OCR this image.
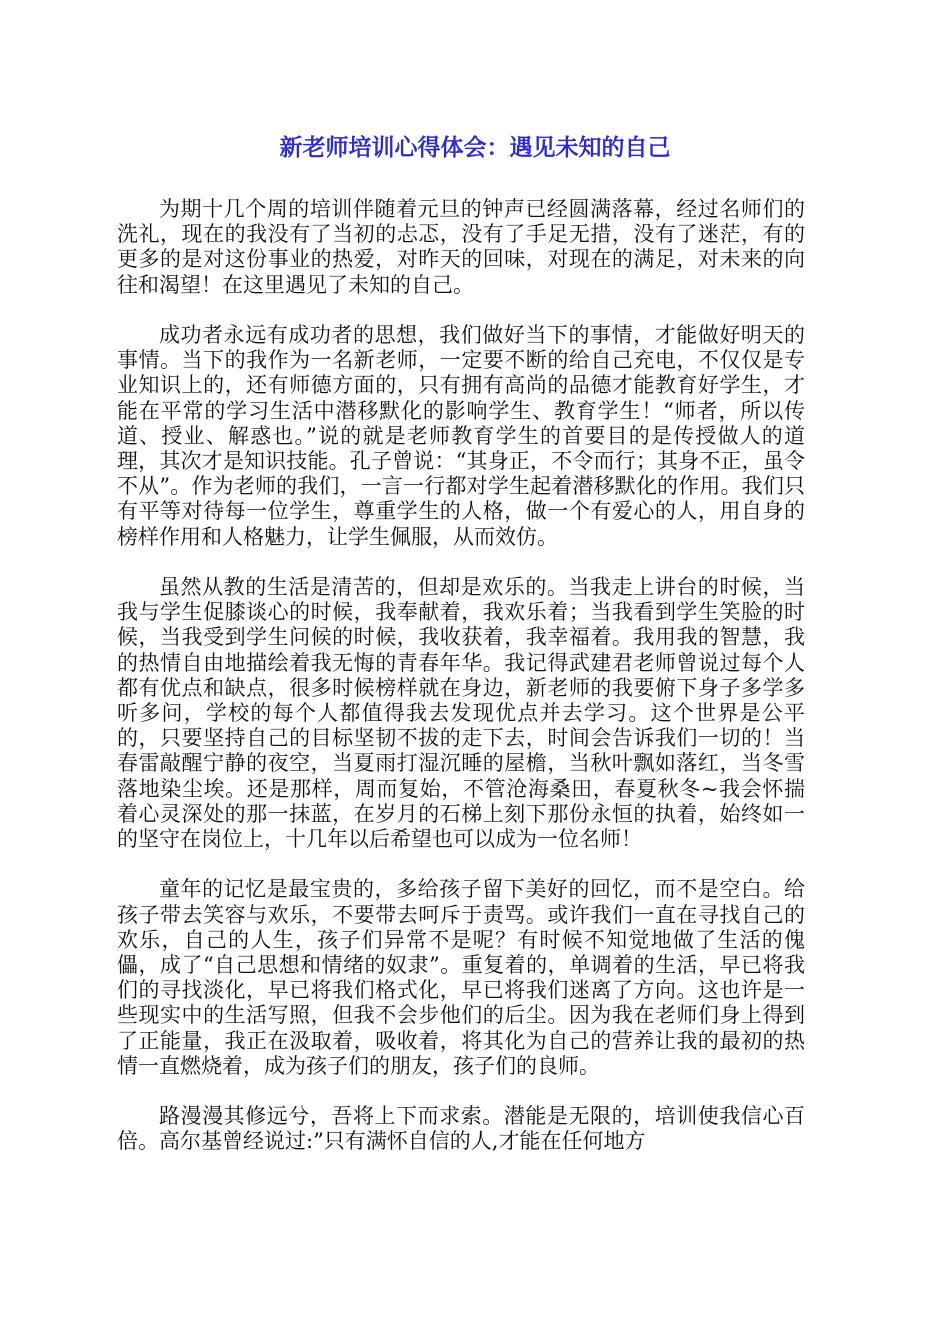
新老师培训心得体会：遇见未知的自己

为期十几个周的培训伴随着元旦的钟声已经圆满落幕，经过名师们的洗礼，现在的我没有了当初的忐忑，没有了手足无措，没有了迷茫，有的更多的是对这份事业的热爱，对昨天的回味，对现在的满足，对未来的向往和渴望！在这里遇见了未知的自己。

成功者永远有成功者的思想，我们做好当下的事情，才能做好明天的事情。当下的我作为一名新老师，一定要不断的给自己充电，不仅仅是专业知识上的，还有师德方面的，只有拥有高尚的品德才能教育好学生，才能在平常的学习生活中潜移默化的影响学生、教育学生！“师者，所以传道、授业、解惑也。”说的就是老师教育学生的首要目的是传授做人的道理，其次才是知识技能。孔子曾说：“其身正，不令而行；其身不正，虽令不从”。作为老师的我们，一言一行都对学生起着潜移默化的作用。我们只有平等对待每一位学生，尊重学生的人格，做一个有爱心的人，用自身的榜样作用和人格魅力，让学生佩服，从而效仿。

虽然从教的生活是清苦的，但却是欢乐的。当我走上讲台的时候，当我与学生促膝谈心的时候，我奉献着，我欢乐着；当我看到学生笑脸的时候，当我受到学生问候的时候，我收获着，我幸福着。我用我的智慧，我的热情自由地描绘着我无悔的青春年华。我记得武建君老师曾说过每个人都有优点和缺点，很多时候榜样就在身边，新老师的我要俯下身子多学多听多问，学校的每个人都值得我去发现优点并去学习。这个世界是公平的，只要坚持自己的目标坚韧不拔的走下去，时间会告诉我们一切的！当春雷敲醒宁静的夜空，当夏雨打湿沉睡的屋檐，当秋叶飘如落红，当冬雪落地染尘埃。还是那样，周而复始，不管沧海桑田，春夏秋冬~我会怀揣着心灵深处的那一抹蓝，在岁月的石梯上刻下那份永恒的执着，始终如一的坚守在岗位上，十几年以后希望也可以成为一位名师！

童年的记忆是最宝贵的，多给孩子留下美好的回忆，而不是空白。给孩子带去笑容与欢乐，不要带去呵斥于责骂。或许我们一直在寻找自己的欢乐，自己的人生，孩子们异常不是呢？有时候不知觉地做了生活的傀儡，成了“自己思想和情绪的奴隶”。重复着的，单调着的生活，早已将我们的寻找淡化，早已将我们格式化，早已将我们迷离了方向。这也许是一些现实中的生活写照，但我不会步他们的后尘。因为我在老师们身上得到了正能量，我正在汲取着，吸收着，将其化为自己的营养让我的最初的热情一直燃烧着，成为孩子们的朋友，孩子们的良师。

路漫漫其修远兮，吾将上下而求索。潜能是无限的，培训使我信心百倍。高尔基曾经说过:”只有满怀自信的人,才能在任何地方
